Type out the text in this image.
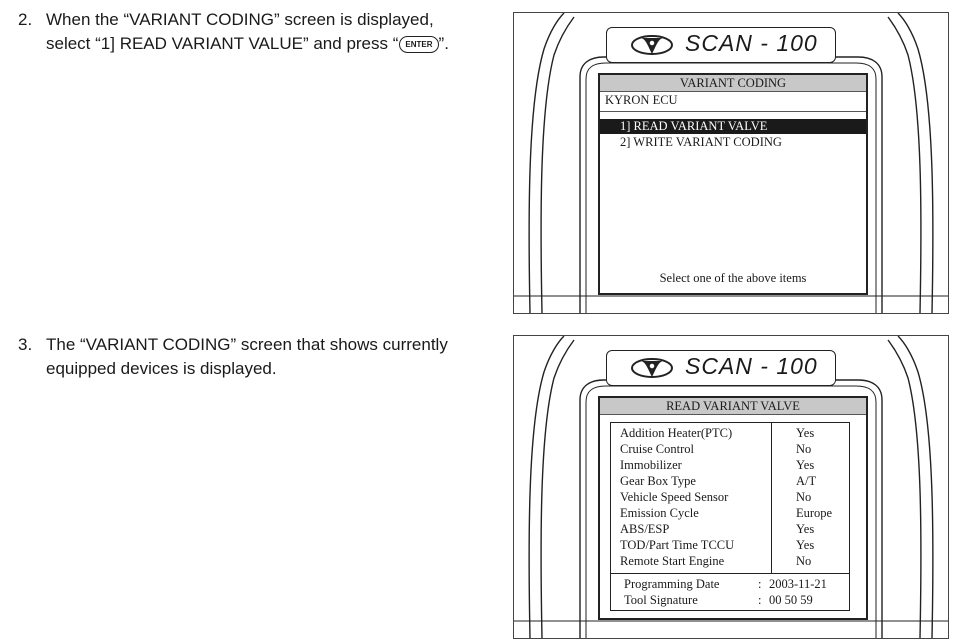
2. When the “VARIANT CODING” screen is displayed,
select “1] READ VARIANT VALUE” and press “ ENTER ”.
3. The “VARIANT CODING” screen that shows currently
equipped devices is displayed.
SCAN - 100
VARIANT CODING
KYRON ECU
1] READ VARIANT VALVE
2] WRITE VARIANT CODING
Select one of the above items
SCAN - 100
READ VARIANT VALVE
Addition Heater(PTC)	Yes
Cruise Control	No
Immobilizer	Yes
Gear Box Type	A/T
Vehicle Speed Sensor	No
Emission Cycle	Europe
ABS/ESP	Yes
TOD/Part Time TCCU	Yes
Remote Start Engine	No
Programming Date	: 2003-11-21
Tool Signature	: 00 50 59
